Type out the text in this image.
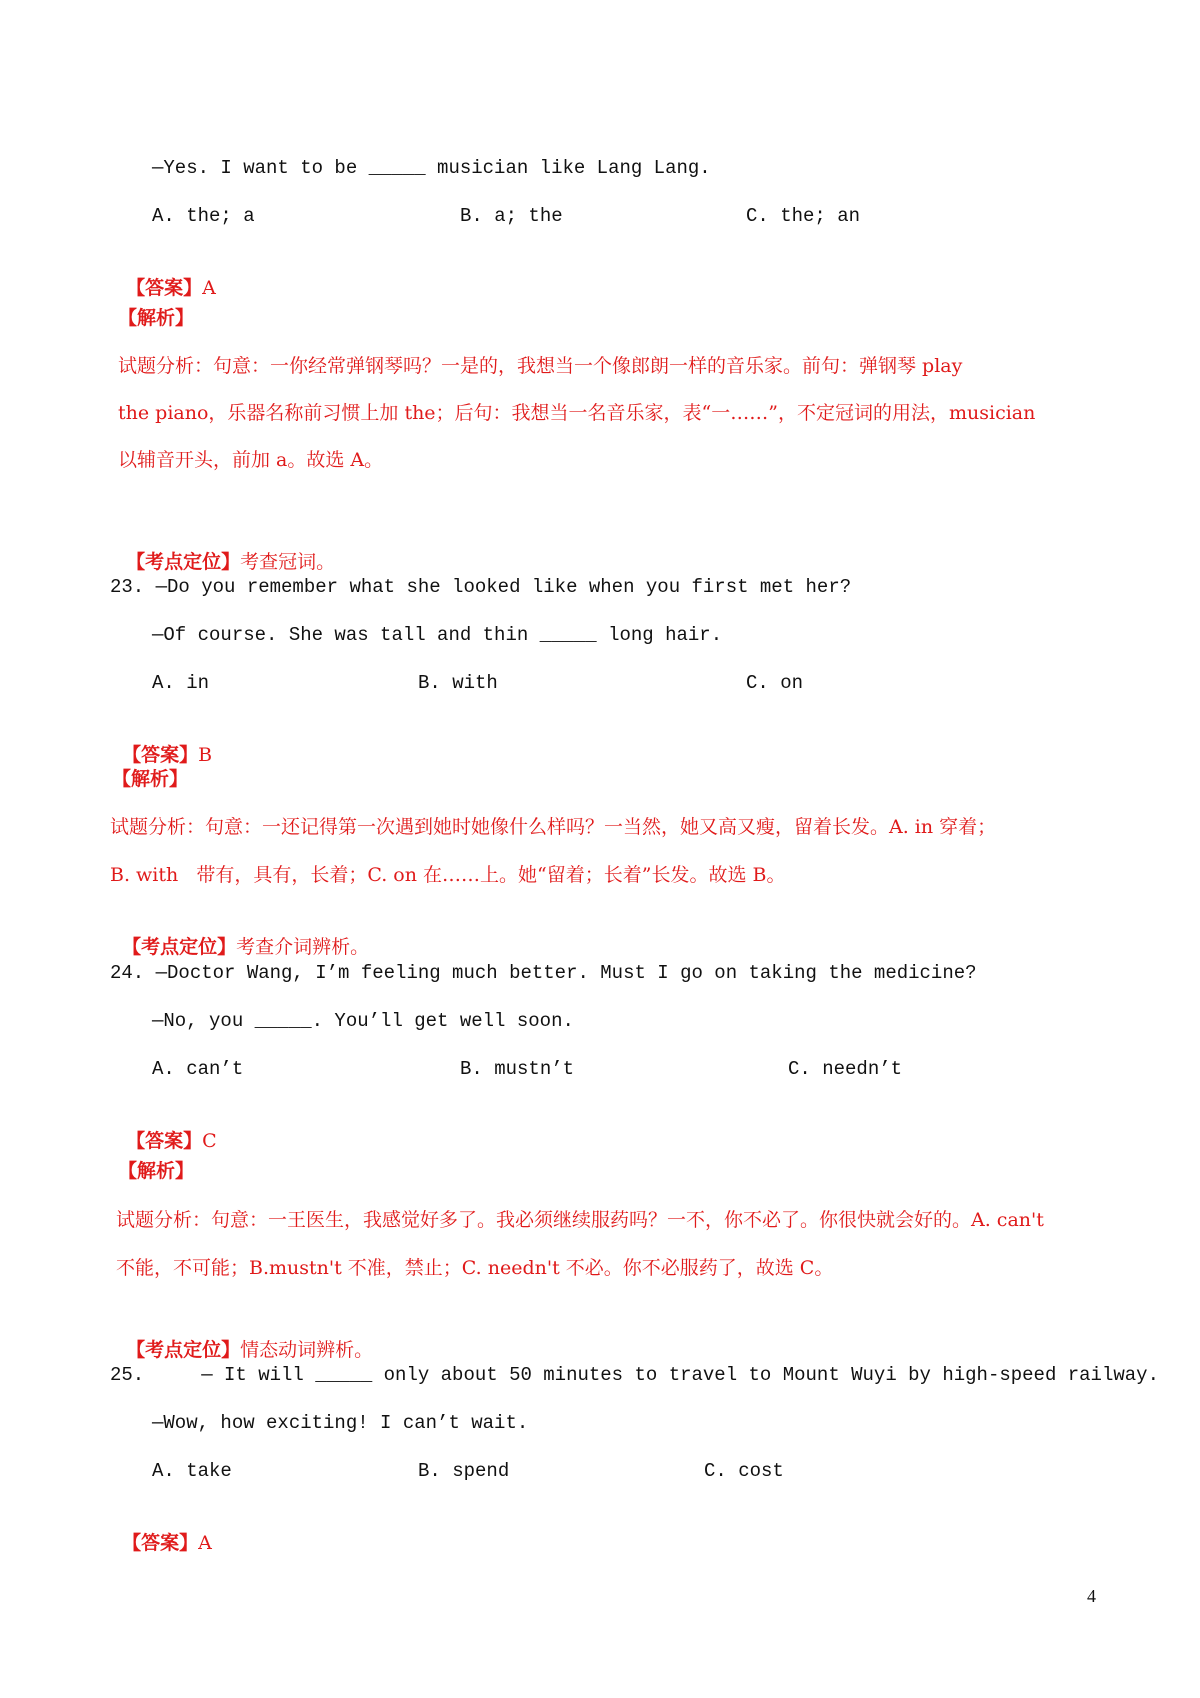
—Yes. I want to be _____ musician like Lang Lang.
A. the; a	B. a; the	C. the; an

【答案】A

【解析】
试题分析：句意：一你经常弹钢琴吗？一是的，我想当一个像郎朗一样的音乐家。前句：弹钢琴 play
the piano，乐器名称前习惯上加 the；后句：我想当一名音乐家，表“一……”，不定冠词的用法，musician
以辅音开头，前加 a。故选 A。

【考点定位】考查冠词。

23. —Do you remember what she looked like when you first met her?
—Of course. She was tall and thin _____ long hair.
A. in	B. with	C. on

【答案】B

【解析】
试题分析：句意：一还记得第一次遇到她时她像什么样吗？一当然，她又高又瘦，留着长发。A. in 穿着；
B. with   带有，具有，长着；C. on 在……上。她“留着；长着”长发。故选 B。

【考点定位】考查介词辨析。

24. —Doctor Wang, I’m feeling much better. Must I go on taking the medicine?
—No, you _____. You’ll get well soon.
A. can’t	B. mustn’t	C. needn’t

【答案】C

【解析】
试题分析：句意：一王医生，我感觉好多了。我必须继续服药吗？一不，你不必了。你很快就会好的。A. can't
不能，不可能；B.mustn't 不准，禁止；C. needn't 不必。你不必服药了，故选 C。

【考点定位】情态动词辨析。

25.     — It will _____ only about 50 minutes to travel to Mount Wuyi by high-speed railway.
—Wow, how exciting! I can’t wait.
A. take	B. spend	C. cost

【答案】A

4
